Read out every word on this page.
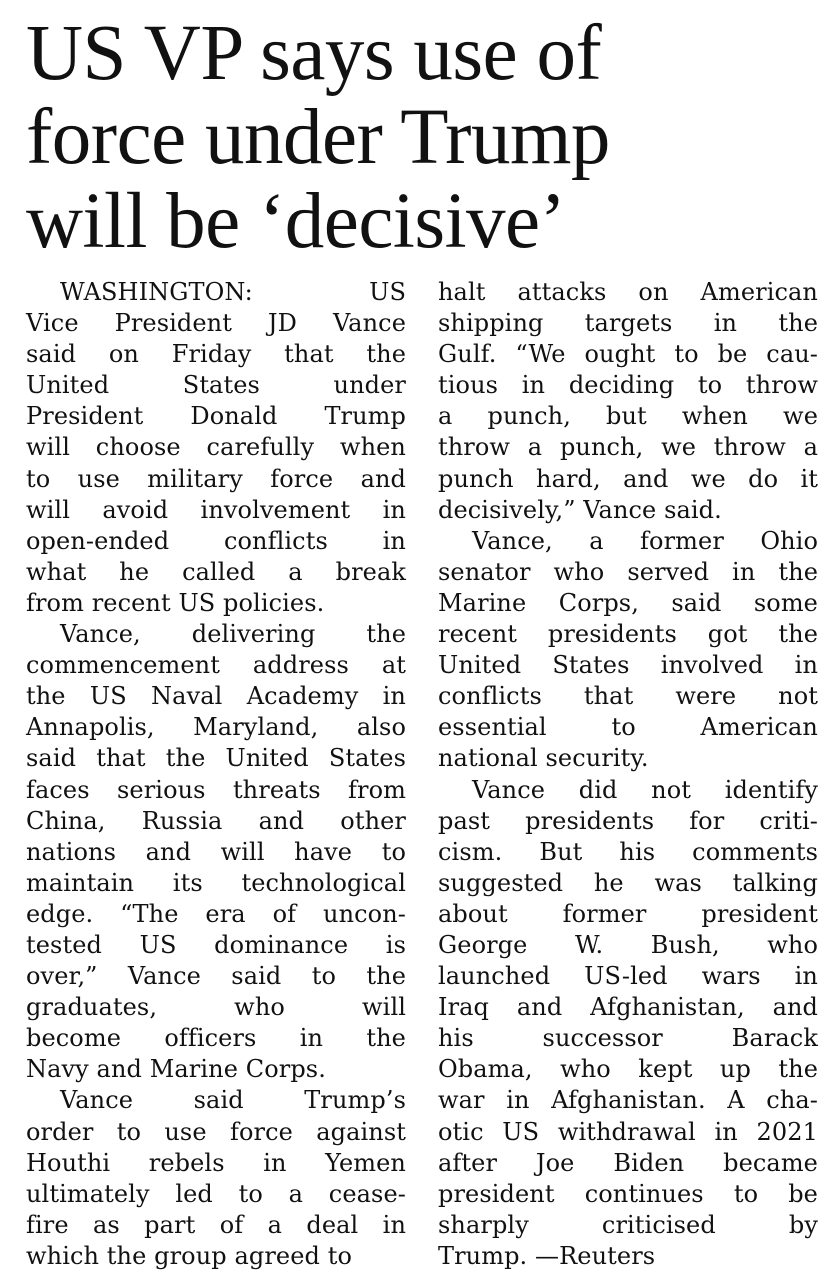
US VP says use of
force under Trump
will be ‘decisive’
WASHINGTON: US
Vice President JD Vance
said on Friday that the
United States under
President Donald Trump
will choose carefully when
to use military force and
will avoid involvement in
open-ended conflicts in
what he called a break
from recent US policies.
Vance, delivering the
commencement address at
the US Naval Academy in
Annapolis, Maryland, also
said that the United States
faces serious threats from
China, Russia and other
nations and will have to
maintain its technological
edge. “The era of uncon-
tested US dominance is
over,” Vance said to the
graduates, who will
become officers in the
Navy and Marine Corps.
Vance said Trump’s
order to use force against
Houthi rebels in Yemen
ultimately led to a cease-
fire as part of a deal in
which the group agreed to
halt attacks on American
shipping targets in the
Gulf. “We ought to be cau-
tious in deciding to throw
a punch, but when we
throw a punch, we throw a
punch hard, and we do it
decisively,” Vance said.
Vance, a former Ohio
senator who served in the
Marine Corps, said some
recent presidents got the
United States involved in
conflicts that were not
essential to American
national security.
Vance did not identify
past presidents for criti-
cism. But his comments
suggested he was talking
about former president
George W. Bush, who
launched US-led wars in
Iraq and Afghanistan, and
his successor Barack
Obama, who kept up the
war in Afghanistan. A cha-
otic US withdrawal in 2021
after Joe Biden became
president continues to be
sharply criticised by
Trump. —Reuters
